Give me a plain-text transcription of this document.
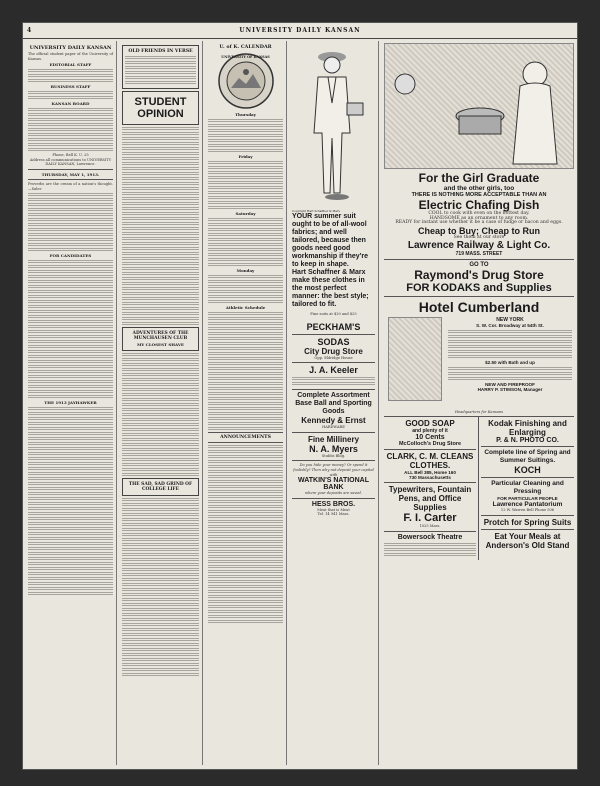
4	UNIVERSITY DAILY KANSAN
UNIVERSITY DAILY KANSAN
The official student paper of the University of Kansas.
EDITORIAL STAFF
BUSINESS STAFF
KANSAN BOARD
Phone, Bell K. U. 25
Address all communications to UNIVERSITY DAILY KANSAN, Lawrence.
THURSDAY, MAY 1, 1913.
Proverbs are the cream of a nation's thought.—Saler.
FOR CANDIDATES
THE 1913 JAYHAWKER
OLD FRIENDS IN VERSE
STUDENT
OPINION
ADVENTURES OF THE MUNCHAUSEN CLUB
MY CLOSEST SHAVE
THE SAD, SAD GRIND OF COLLEGE LIFE
U. of K. CALENDAR
UNIVERSITY OF KANSAS
Thursday
Friday
Saturday
Monday
Athletic Schedule
ANNOUNCEMENTS
Copyright Hart Schaffner & Marx
YOUR summer suit ought to be of all-wool fabrics; and well tailored, because then goods need good workmanship if they're to keep in shape.
Hart Schaffner & Marx
make these clothes in the most perfect manner: the best style; tailored to fit.
Fine suits at $20 and $25
PECKHAM'S
SODAS
City Drug Store
Opp. Eldridge House
J. A. Keeler
Complete Assortment Base Ball and Sporting Goods
Kennedy & Ernst
HARDWARE
Fine Millinery
N. A. Myers
Stubbs Bldg.
Do you hide your money? Or spend it foolishly? Then why not deposit your capital with
WATKIN'S NATIONAL BANK
where your deposits are saved.
HESS BROS.
Meat that is Meat
Tel. 14 941 Mass.
For the Girl Graduate
and the other girls, too
THERE IS NOTHING MORE ACCEPTABLE THAN AN
Electric Chafing Dish
COOL to cook with even on the hottest day.
HANDSOME as an ornament to any room.
READY for instant use whether it be a case of fudge or bacon and eggs.
Cheap to Buy; Cheap to Run
See them at our store
Lawrence Railway & Light Co.
719 MASS. STREET
GO TO
Raymond's Drug Store
FOR KODAKS and Supplies
Hotel Cumberland
NEW YORK
S. W. Cor. Broadway at 54th St.
$2.50 with Bath and up
NEW AND FIREPROOF
HARRY P. STIMSON, Manager
Headquarters for Kansans
GOOD SOAP
and plenty of it
10 Cents
McColloch's Drug Store
CLARK, C. M. CLEANS CLOTHES.
ALL Bell 385, Home 160
730 Massachusetts
Typewriters, Fountain Pens, and Office Supplies
F. I. Carter
1025 Mass.
Bowersock Theatre
Kodak Finishing and Enlarging
P. & N. PHOTO CO.
Complete line of Spring and Summer Suitings.
KOCH
Particular Cleaning and Pressing
FOR PARTICULAR PEOPLE
Lawrence Pantatorium
12 W. Warren Bell Phone 506
Protch for Spring Suits
Eat Your Meals at Anderson's Old Stand
